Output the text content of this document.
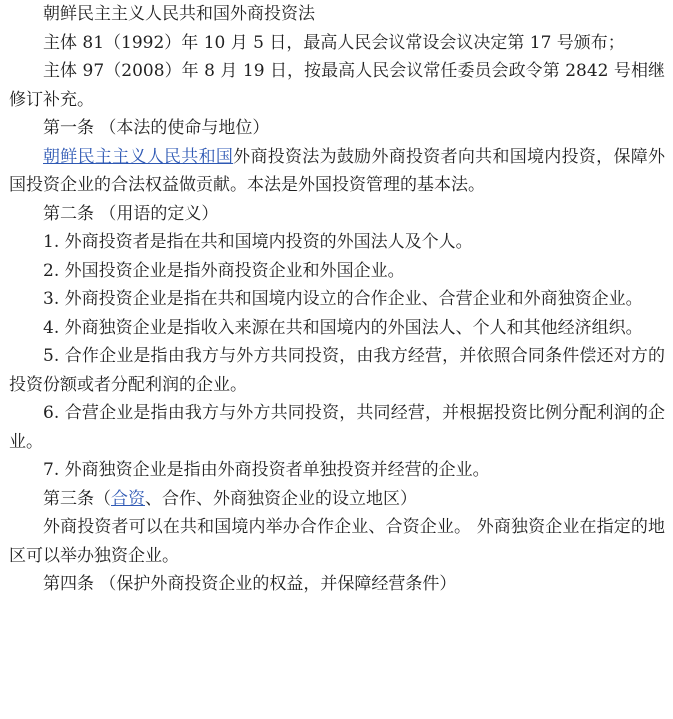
朝鲜民主主义人民共和国外商投资法

主体 81（1992）年 10 月 5 日，最高人民会议常设会议决定第 17 号颁布；

主体 97（2008）年 8 月 19 日，按最高人民会议常任委员会政令第 2842 号相继修订补充。

第一条 （本法的使命与地位）

朝鲜民主主义人民共和国外商投资法为鼓励外商投资者向共和国境内投资，保障外国投资企业的合法权益做贡献。本法是外国投资管理的基本法。

第二条 （用语的定义）

1. 外商投资者是指在共和国境内投资的外国法人及个人。

2. 外国投资企业是指外商投资企业和外国企业。

3. 外商投资企业是指在共和国境内设立的合作企业、合营企业和外商独资企业。

4. 外商独资企业是指收入来源在共和国境内的外国法人、个人和其他经济组织。

5. 合作企业是指由我方与外方共同投资，由我方经营，并依照合同条件偿还对方的投资份额或者分配利润的企业。

6. 合营企业是指由我方与外方共同投资，共同经营，并根据投资比例分配利润的企业。

7. 外商独资企业是指由外商投资者单独投资并经营的企业。

第三条（合资、合作、外商独资企业的设立地区）

外商投资者可以在共和国境内举办合作企业、合资企业。 外商独资企业在指定的地区可以举办独资企业。

第四条 （保护外商投资企业的权益，并保障经营条件）
